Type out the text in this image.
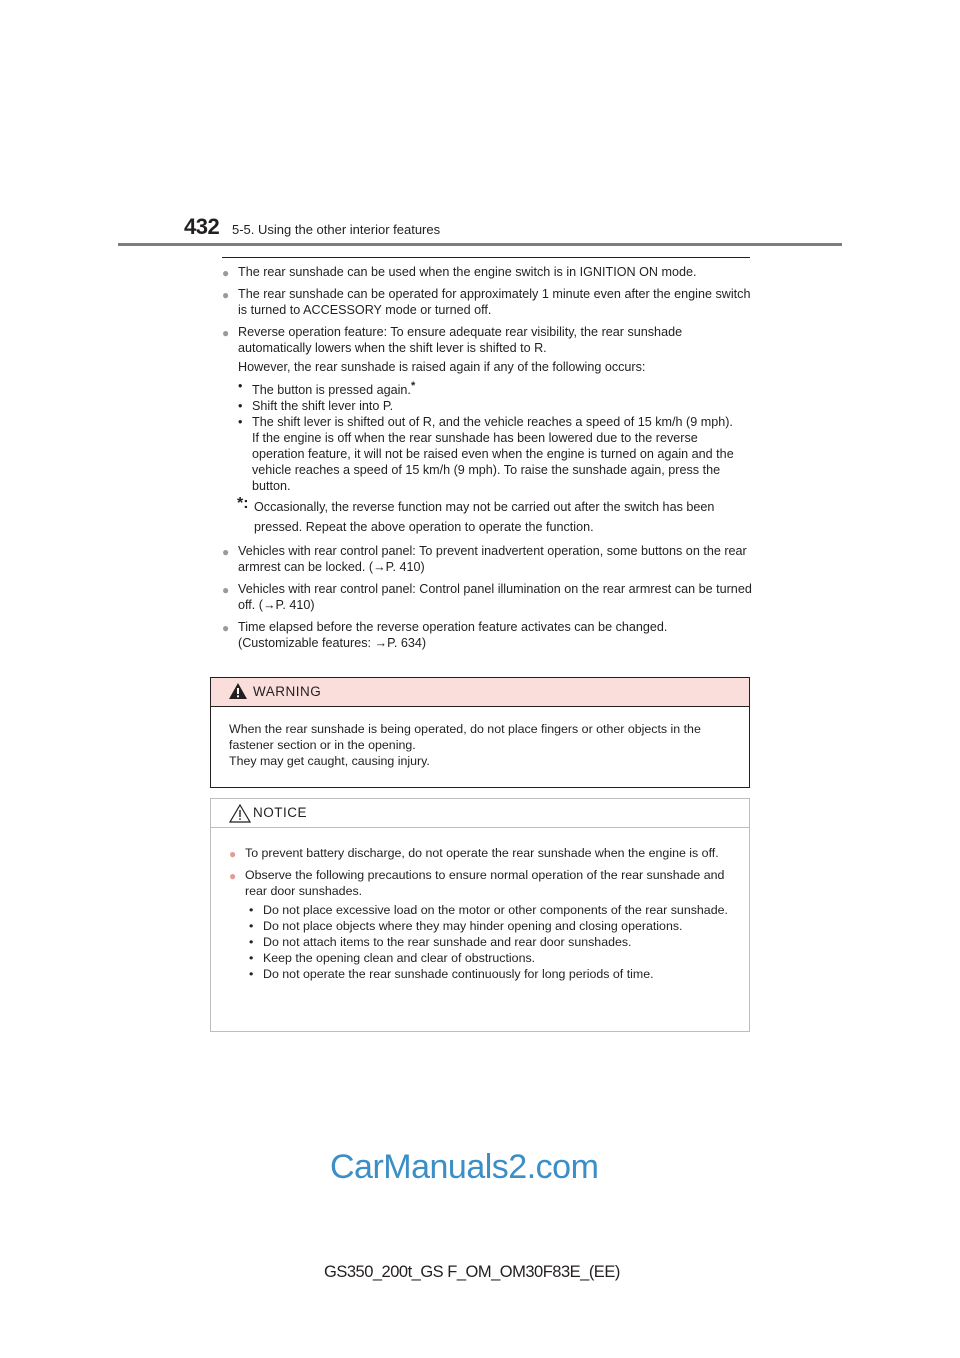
432 5-5. Using the other interior features
● The rear sunshade can be used when the engine switch is in IGNITION ON mode.
● The rear sunshade can be operated for approximately 1 minute even after the engine switch is turned to ACCESSORY mode or turned off.
● Reverse operation feature: To ensure adequate rear visibility, the rear sunshade automatically lowers when the shift lever is shifted to R.
However, the rear sunshade is raised again if any of the following occurs:
• The button is pressed again.*
• Shift the shift lever into P.
• The shift lever is shifted out of R, and the vehicle reaches a speed of 15 km/h (9 mph).
If the engine is off when the rear sunshade has been lowered due to the reverse operation feature, it will not be raised even when the engine is turned on again and the vehicle reaches a speed of 15 km/h (9 mph). To raise the sunshade again, press the button.
*: Occasionally, the reverse function may not be carried out after the switch has been pressed. Repeat the above operation to operate the function.
● Vehicles with rear control panel: To prevent inadvertent operation, some buttons on the rear armrest can be locked. (→P. 410)
● Vehicles with rear control panel: Control panel illumination on the rear armrest can be turned off. (→P. 410)
● Time elapsed before the reverse operation feature activates can be changed.
(Customizable features: →P. 634)
WARNING
When the rear sunshade is being operated, do not place fingers or other objects in the fastener section or in the opening.
They may get caught, causing injury.
NOTICE
● To prevent battery discharge, do not operate the rear sunshade when the engine is off.
● Observe the following precautions to ensure normal operation of the rear sunshade and rear door sunshades.
• Do not place excessive load on the motor or other components of the rear sunshade.
• Do not place objects where they may hinder opening and closing operations.
• Do not attach items to the rear sunshade and rear door sunshades.
• Keep the opening clean and clear of obstructions.
• Do not operate the rear sunshade continuously for long periods of time.
CarManuals2.com
GS350_200t_GS F_OM_OM30F83E_(EE)
